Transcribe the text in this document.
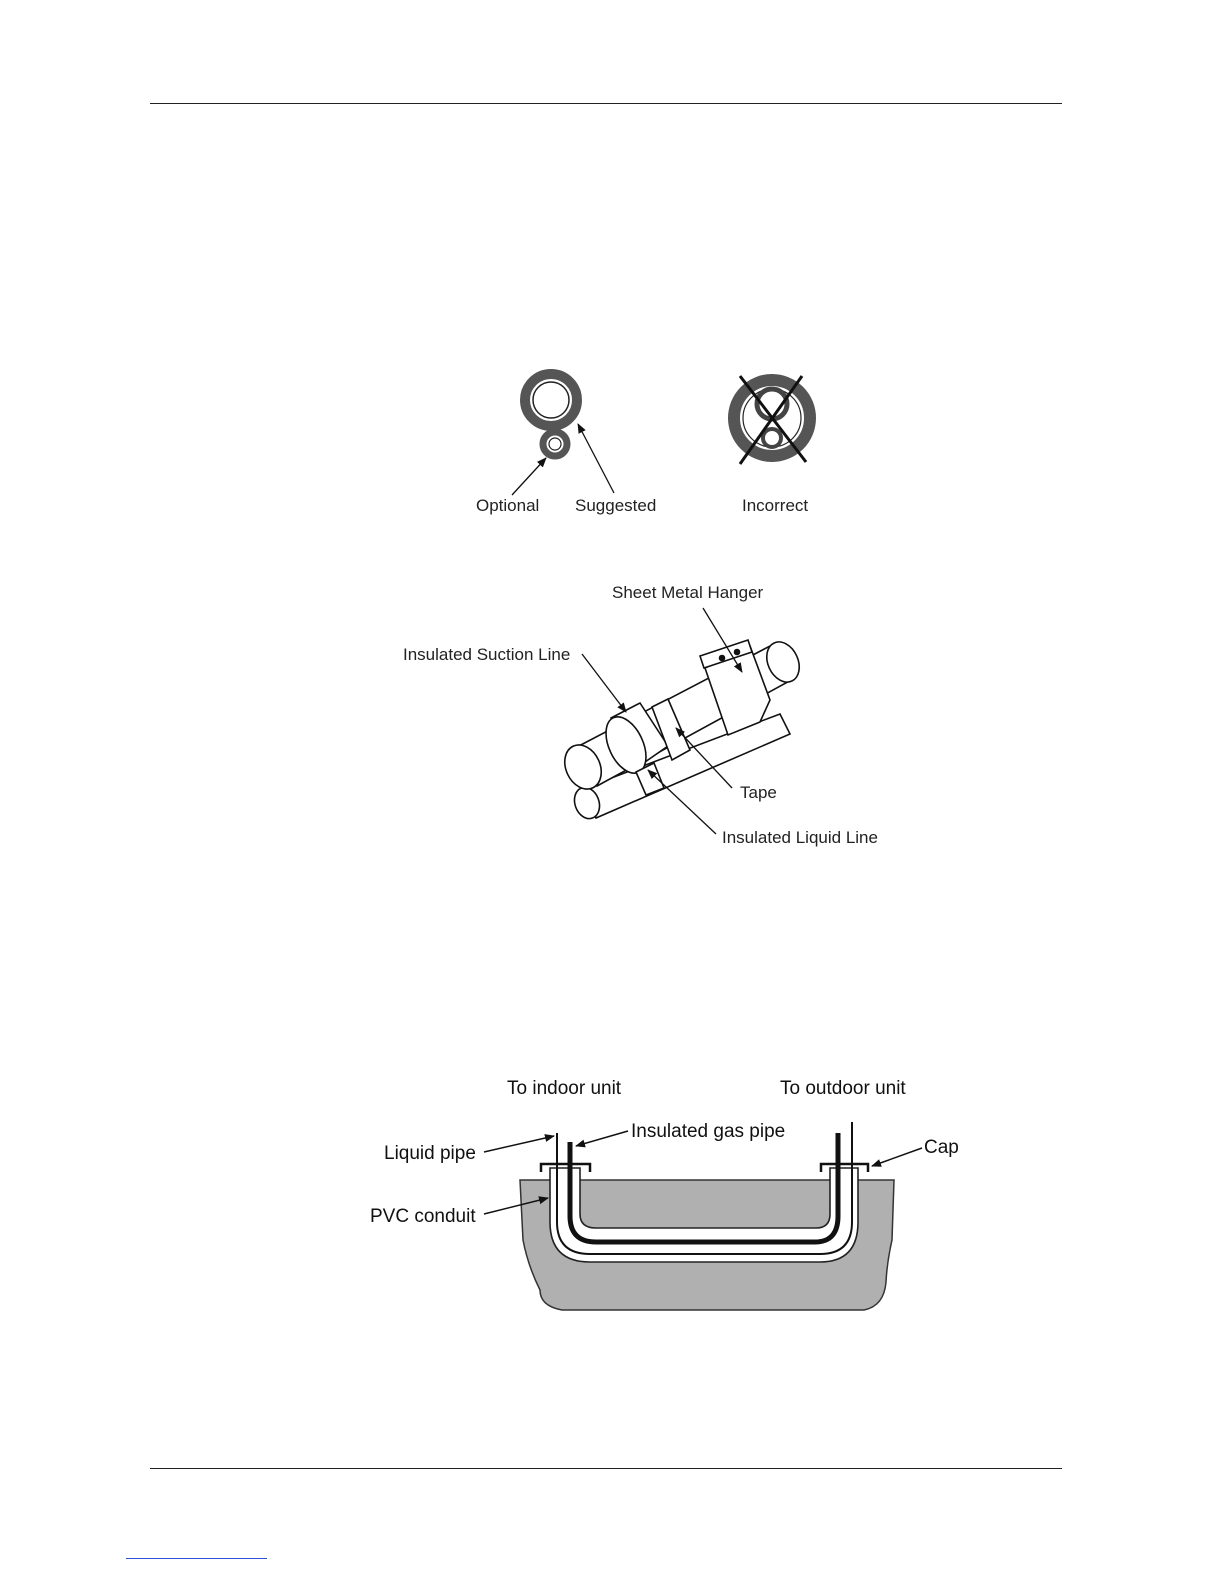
Optional Suggested	Incorrect
Sheet Metal Hanger
Insulated Suction Line
Tape
Insulated Liquid Line
To indoor unit	To outdoor unit
Liquid pipe
Insulated gas pipe
Cap
PVC conduit
